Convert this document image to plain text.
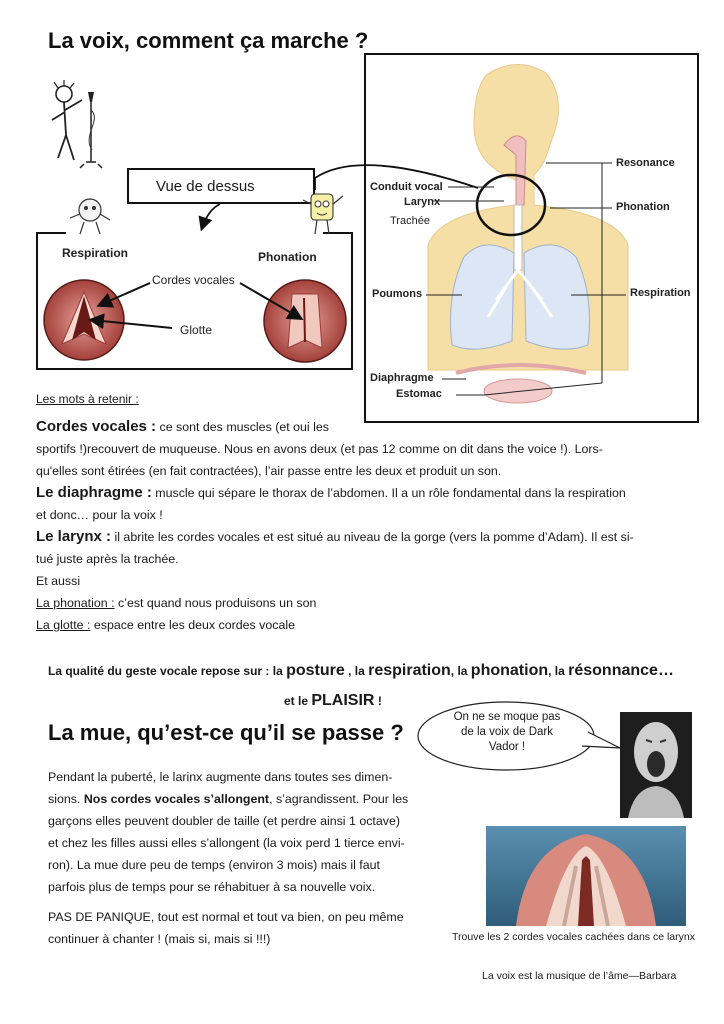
La voix, comment ça marche ?
Vue de dessus
Respiration	Phonation
Cordes vocales
Glotte
Resonance
Phonation
Respiration
Conduit vocal
Larynx
Trachée
Poumons
Diaphragme
Estomac
Les mots à retenir :
Cordes vocales : ce sont des muscles (et oui les
sportifs !)recouvert de muqueuse. Nous en avons deux (et pas 12 comme on dit dans the voice !). Lors-
qu'elles sont étirées (en fait contractées), l’air passe entre les deux et produit un son.
Le diaphragme : muscle qui sépare le thorax de l’abdomen. Il a un rôle fondamental dans la respiration
et donc… pour la voix !
Le larynx : il abrite les cordes vocales et est situé au niveau de la gorge (vers la pomme d’Adam). Il est si-
tué juste après la trachée.
Et aussi
La phonation : c’est quand nous produisons un son
La glotte : espace entre les deux cordes vocale
La qualité du geste vocale repose sur : la posture , la respiration, la phonation, la résonnance…
et le PLAISIR !
La mue, qu’est-ce qu’il se passe ?
On ne se moque pas de la voix de Dark Vador !
Pendant la puberté, le larinx augmente dans toutes ses dimen-
sions. Nos cordes vocales s’allongent, s’agrandissent. Pour les
garçons elles peuvent doubler de taille (et perdre ainsi 1 octave)
et chez les filles aussi elles s’allongent (la voix perd 1 tierce envi-
ron). La mue dure peu de temps (environ 3 mois) mais il faut
parfois plus de temps pour se réhabituer à sa nouvelle voix.
PAS DE PANIQUE, tout est normal et tout va bien, on peu même
continuer à chanter ! (mais si, mais si !!!)	Trouve les 2 cordes vocales cachées dans ce larynx
La voix est la musique de l’âme—Barbara
